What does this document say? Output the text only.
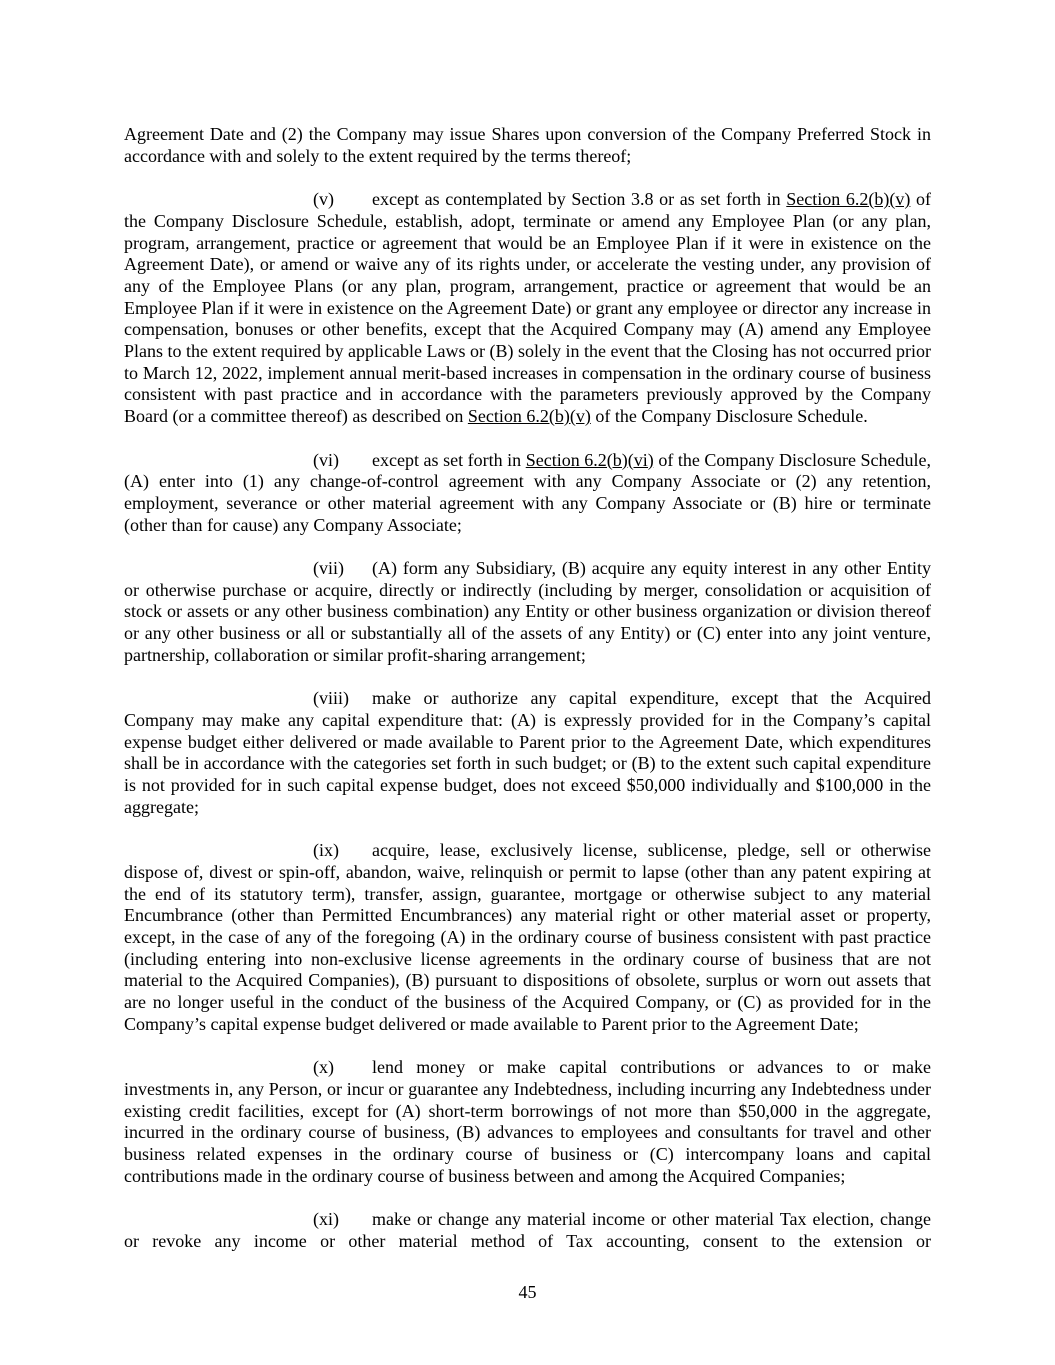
Agreement Date and (2) the Company may issue Shares upon conversion of the Company Preferred Stock in accordance with and solely to the extent required by the terms thereof;

(v) except as contemplated by Section 3.8 or as set forth in Section 6.2(b)(v) of the Company Disclosure Schedule, establish, adopt, terminate or amend any Employee Plan (or any plan, program, arrangement, practice or agreement that would be an Employee Plan if it were in existence on the Agreement Date), or amend or waive any of its rights under, or accelerate the vesting under, any provision of any of the Employee Plans (or any plan, program, arrangement, practice or agreement that would be an Employee Plan if it were in existence on the Agreement Date) or grant any employee or director any increase in compensation, bonuses or other benefits, except that the Acquired Company may (A) amend any Employee Plans to the extent required by applicable Laws or (B) solely in the event that the Closing has not occurred prior to March 12, 2022, implement annual merit-based increases in compensation in the ordinary course of business consistent with past practice and in accordance with the parameters previously approved by the Company Board (or a committee thereof) as described on Section 6.2(b)(v) of the Company Disclosure Schedule.

(vi) except as set forth in Section 6.2(b)(vi) of the Company Disclosure Schedule, (A) enter into (1) any change-of-control agreement with any Company Associate or (2) any retention, employment, severance or other material agreement with any Company Associate or (B) hire or terminate (other than for cause) any Company Associate;

(vii) (A) form any Subsidiary, (B) acquire any equity interest in any other Entity or otherwise purchase or acquire, directly or indirectly (including by merger, consolidation or acquisition of stock or assets or any other business combination) any Entity or other business organization or division thereof or any other business or all or substantially all of the assets of any Entity) or (C) enter into any joint venture, partnership, collaboration or similar profit-sharing arrangement;

(viii) make or authorize any capital expenditure, except that the Acquired Company may make any capital expenditure that: (A) is expressly provided for in the Company’s capital expense budget either delivered or made available to Parent prior to the Agreement Date, which expenditures shall be in accordance with the categories set forth in such budget; or (B) to the extent such capital expenditure is not provided for in such capital expense budget, does not exceed $50,000 individually and $100,000 in the aggregate;

(ix) acquire, lease, exclusively license, sublicense, pledge, sell or otherwise dispose of, divest or spin-off, abandon, waive, relinquish or permit to lapse (other than any patent expiring at the end of its statutory term), transfer, assign, guarantee, mortgage or otherwise subject to any material Encumbrance (other than Permitted Encumbrances) any material right or other material asset or property, except, in the case of any of the foregoing (A) in the ordinary course of business consistent with past practice (including entering into non-exclusive license agreements in the ordinary course of business that are not material to the Acquired Companies), (B) pursuant to dispositions of obsolete, surplus or worn out assets that are no longer useful in the conduct of the business of the Acquired Company, or (C) as provided for in the Company’s capital expense budget delivered or made available to Parent prior to the Agreement Date;

(x) lend money or make capital contributions or advances to or make investments in, any Person, or incur or guarantee any Indebtedness, including incurring any Indebtedness under existing credit facilities, except for (A) short-term borrowings of not more than $50,000 in the aggregate, incurred in the ordinary course of business, (B) advances to employees and consultants for travel and other business related expenses in the ordinary course of business or (C) intercompany loans and capital contributions made in the ordinary course of business between and among the Acquired Companies;

(xi) make or change any material income or other material Tax election, change or revoke any income or other material method of Tax accounting, consent to the extension or

45
